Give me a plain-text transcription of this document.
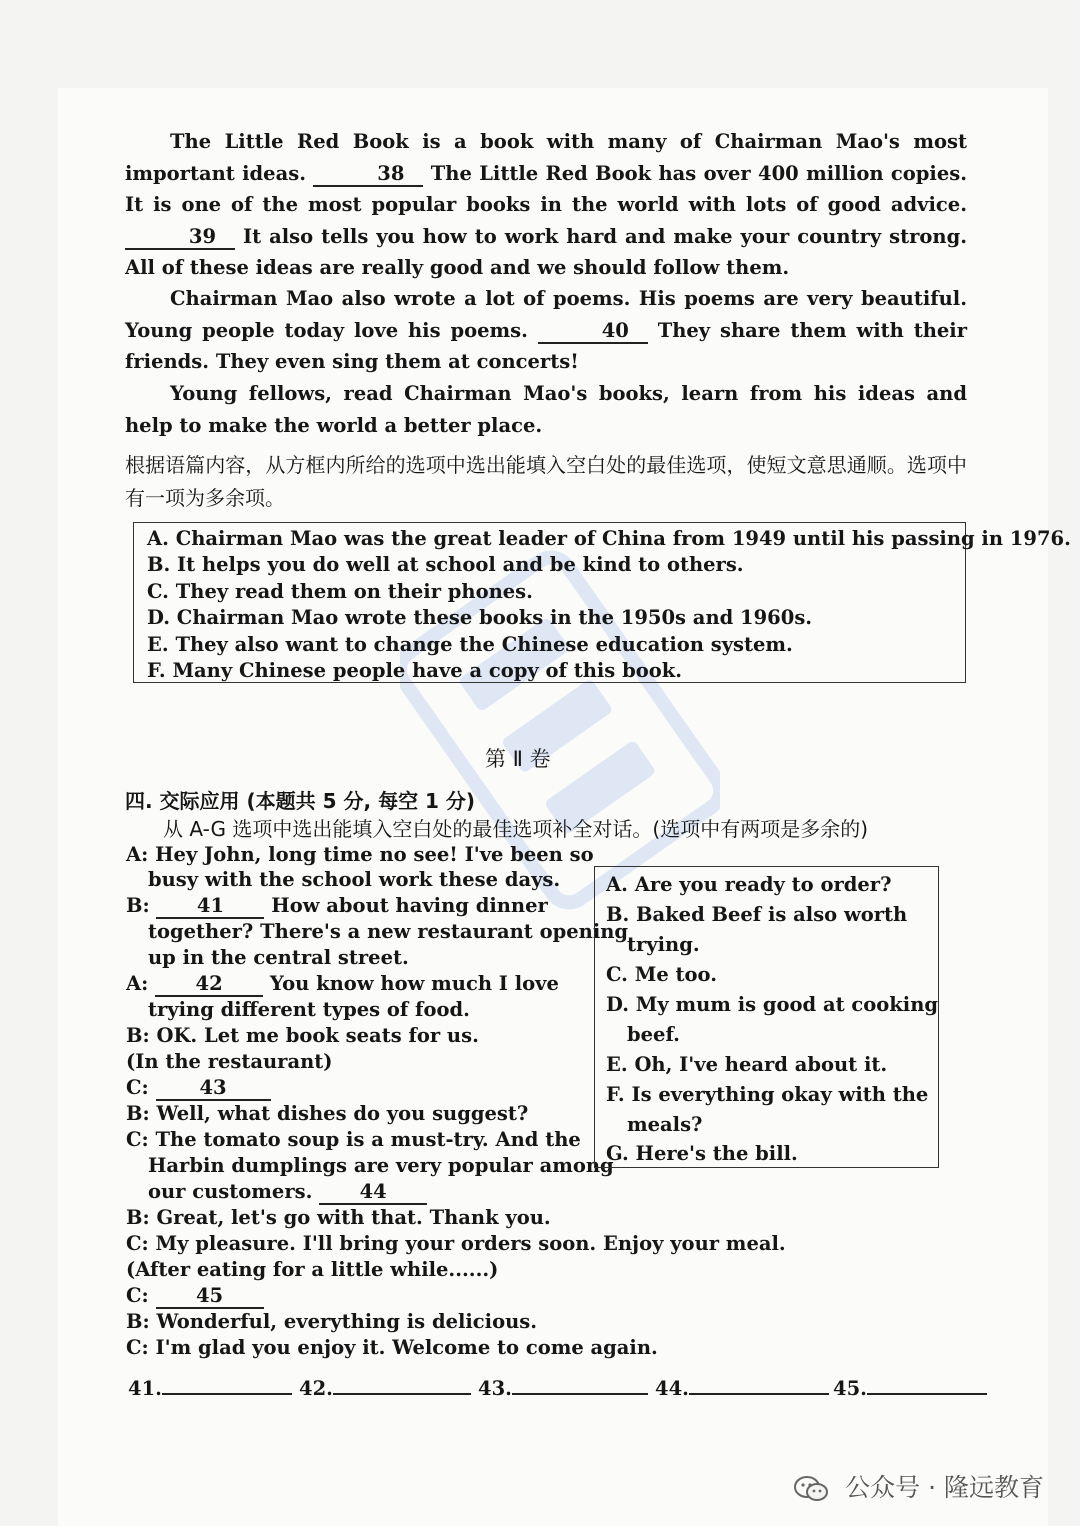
The Little Red Book is a book with many of Chairman Mao's most important ideas.	38 The Little Red Book has over 400 million copies. It is one of the most popular books in the world with lots of good advice. 39 It also tells you how to work hard and make your country strong. All of these ideas are really good and we should follow them.
Chairman Mao also wrote a lot of poems. His poems are very beautiful. Young people today love his poems.	40 They share them with their friends. They even sing them at concerts!
Young fellows, read Chairman Mao's books, learn from his ideas and help to make the world a better place.
根据语篇内容，从方框内所给的选项中选出能填入空白处的最佳选项，使短文意思通顺。选项中有一项为多余项。
A. Chairman Mao was the great leader of China from 1949 until his passing in 1976.
B. It helps you do well at school and be kind to others.
C. They read them on their phones.
D. Chairman Mao wrote these books in the 1950s and 1960s.
E. They also want to change the Chinese education system.
F. Many Chinese people have a copy of this book.
第 Ⅱ 卷
四. 交际应用 (本题共 5 分, 每空 1 分)
从 A-G 选项中选出能填入空白处的最佳选项补全对话。(选项中有两项是多余的)
A: Hey John, long time no see! I've been so
busy with the school work these days.
B: 41 How about having dinner
together? There's a new restaurant opening
up in the central street.
A: 42 You know how much I love
trying different types of food.
B: OK. Let me book seats for us.
(In the restaurant)
C:	43
B: Well, what dishes do you suggest?
C: The tomato soup is a must-try. And the
Harbin dumplings are very popular among
our customers. 44
B: Great, let's go with that. Thank you.
C: My pleasure. I'll bring your orders soon. Enjoy your meal.
(After eating for a little while......)
C: 45
B: Wonderful, everything is delicious.
C: I'm glad you enjoy it. Welcome to come again.
A. Are you ready to order?
B. Baked Beef is also worth
trying.
C. Me too.
D. My mum is good at cooking
beef.
E. Oh, I've heard about it.
F. Is everything okay with the
meals?
G. Here's the bill.
41.	42.	43.	44.	45.
公众号 · 隆远教育
